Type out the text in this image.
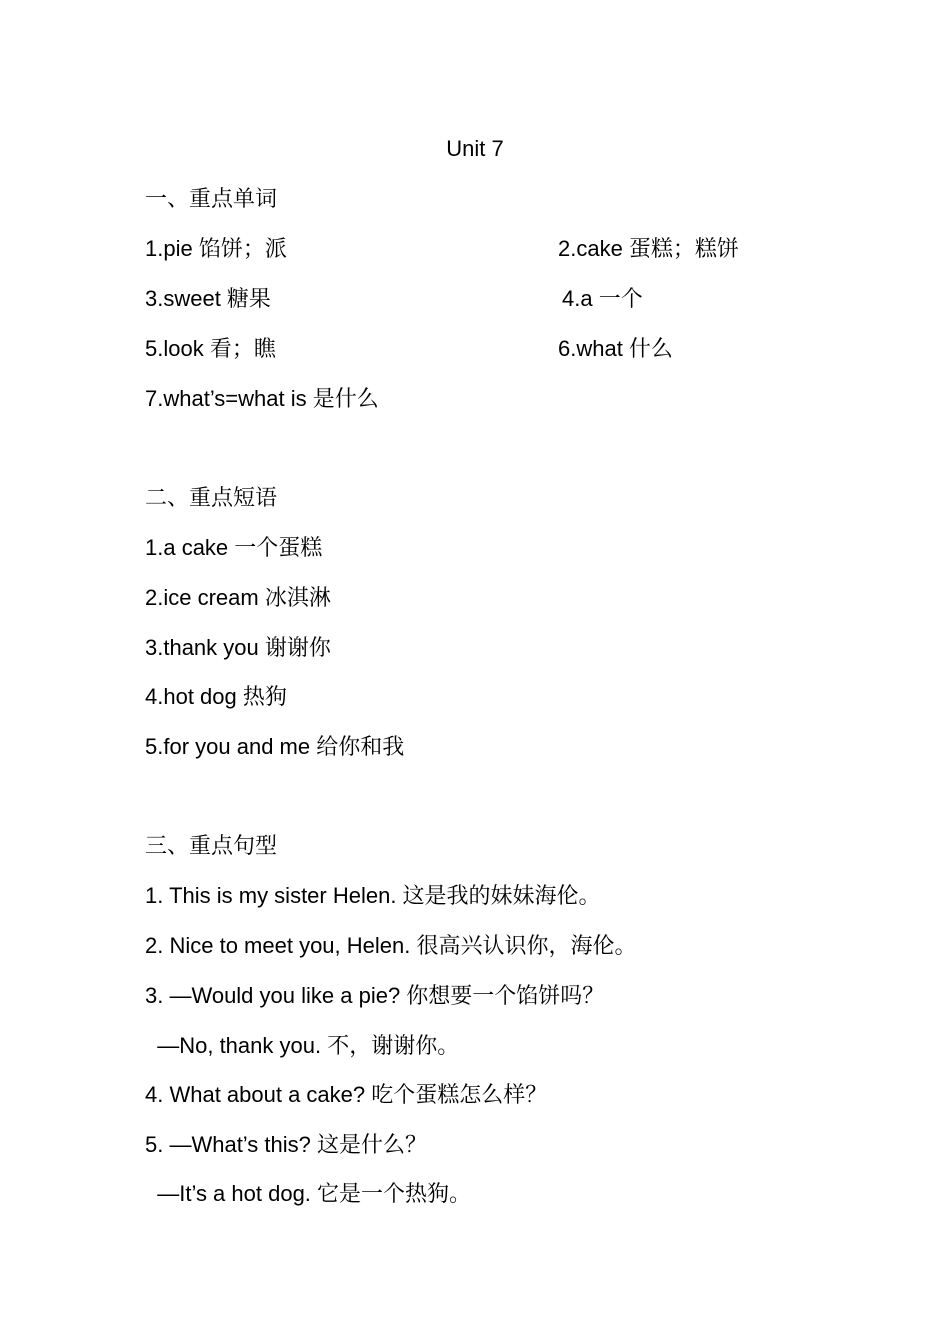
Unit 7
一、重点单词
1.pie 馅饼；派	2.cake 蛋糕；糕饼
3.sweet 糖果	4.a 一个
5.look 看；瞧	6.what 什么
7.what’s=what is 是什么
二、重点短语
1.a cake 一个蛋糕
2.ice cream 冰淇淋
3.thank you 谢谢你
4.hot dog 热狗
5.for you and me 给你和我
三、重点句型
1. This is my sister Helen. 这是我的妹妹海伦。
2. Nice to meet you, Helen. 很高兴认识你，海伦。
3. —Would you like a pie? 你想要一个馅饼吗？
—No, thank you. 不，谢谢你。
4. What about a cake? 吃个蛋糕怎么样？
5. —What’s this? 这是什么？
—It’s a hot dog. 它是一个热狗。
